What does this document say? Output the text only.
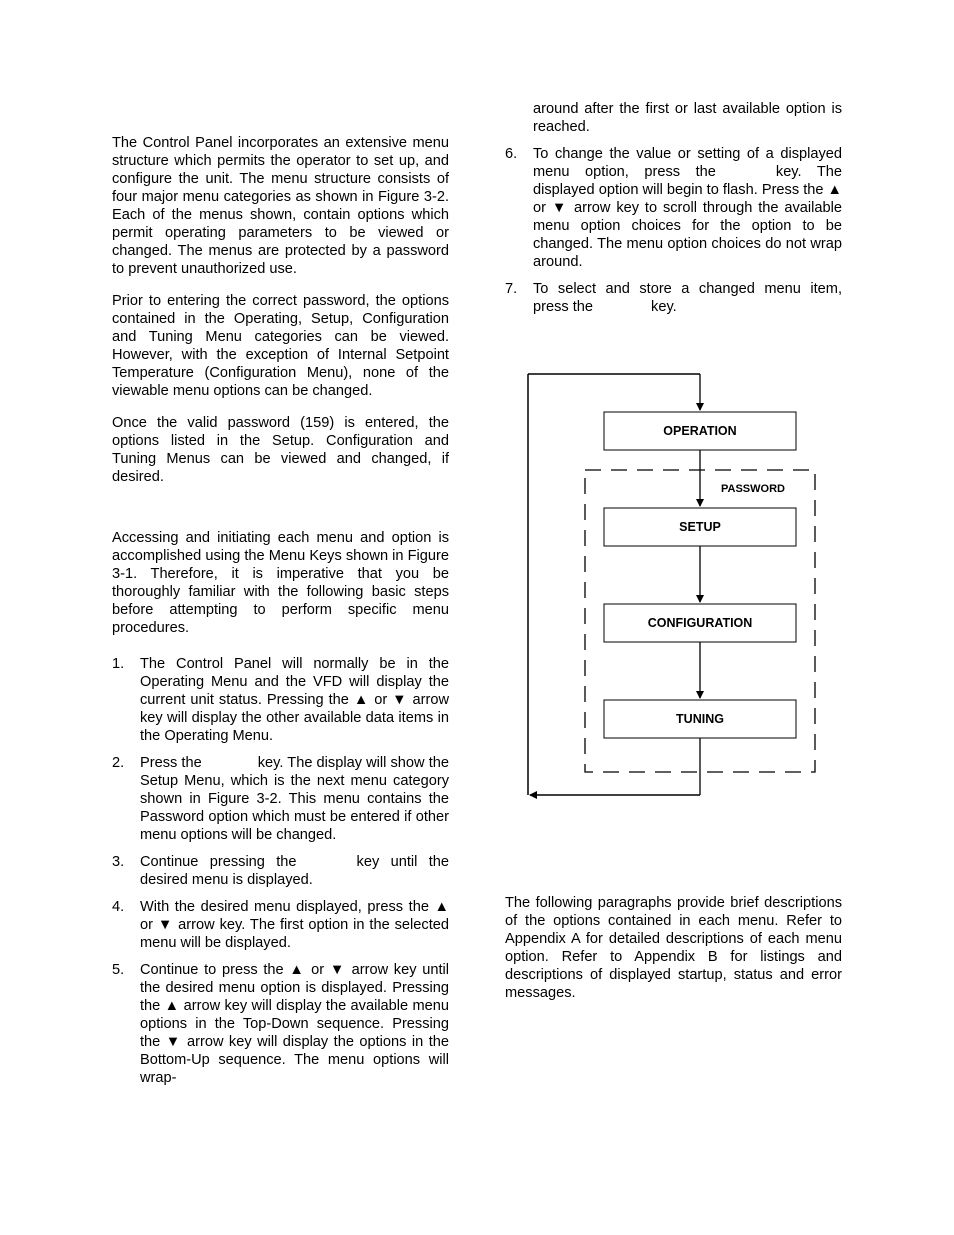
The Control Panel incorporates an extensive menu structure which permits the operator to set up, and configure the unit. The menu structure consists of four major menu categories as shown in Figure 3-2. Each of the menus shown, contain options which permit operating parameters to be viewed or changed. The menus are protected by a password to prevent unauthorized use.

Prior to entering the correct password, the options contained in the Operating, Setup, Configuration and Tuning Menu categories can be viewed. However, with the exception of Internal Setpoint Temperature (Configuration Menu), none of the viewable menu options can be changed.

Once the valid password (159) is entered, the options listed in the Setup. Configuration and Tuning Menus can be viewed and changed, if desired.

Accessing and initiating each menu and option is accomplished using the Menu Keys shown in Figure 3-1. Therefore, it is imperative that you be thoroughly familiar with the following basic steps before attempting to perform specific menu procedures.

1. The Control Panel will normally be in the Operating Menu and the VFD will display the current unit status. Pressing the ▲ or ▼ arrow key will display the other available data items in the Operating Menu.
2. Press the	key. The display will show the Setup Menu, which is the next menu category shown in Figure 3-2. This menu contains the Password option which must be entered if other menu options will be changed.
3. Continue pressing the	key until the desired menu is displayed.
4. With the desired menu displayed, press the ▲ or ▼ arrow key. The first option in the selected menu will be displayed.
5. Continue to press the ▲ or ▼ arrow key until the desired menu option is displayed. Pressing the ▲ arrow key will display the available menu options in the Top-Down sequence. Pressing the ▼ arrow key will display the options in the Bottom-Up sequence. The menu options will wrap-

around after the first or last available option is reached.

6. To change the value or setting of a displayed menu option, press the	key. The displayed option will begin to flash. Press the ▲ or ▼ arrow key to scroll through the available menu option choices for the option to be changed. The menu option choices do not wrap around.
7. To select and store a changed menu item, press the	key.

The following paragraphs provide brief descriptions of the options contained in each menu. Refer to Appendix A for detailed descriptions of each menu option. Refer to Appendix B for listings and descriptions of displayed startup, status and error messages.

OPERATION
SETUP
CONFIGURATION
TUNING
PASSWORD
